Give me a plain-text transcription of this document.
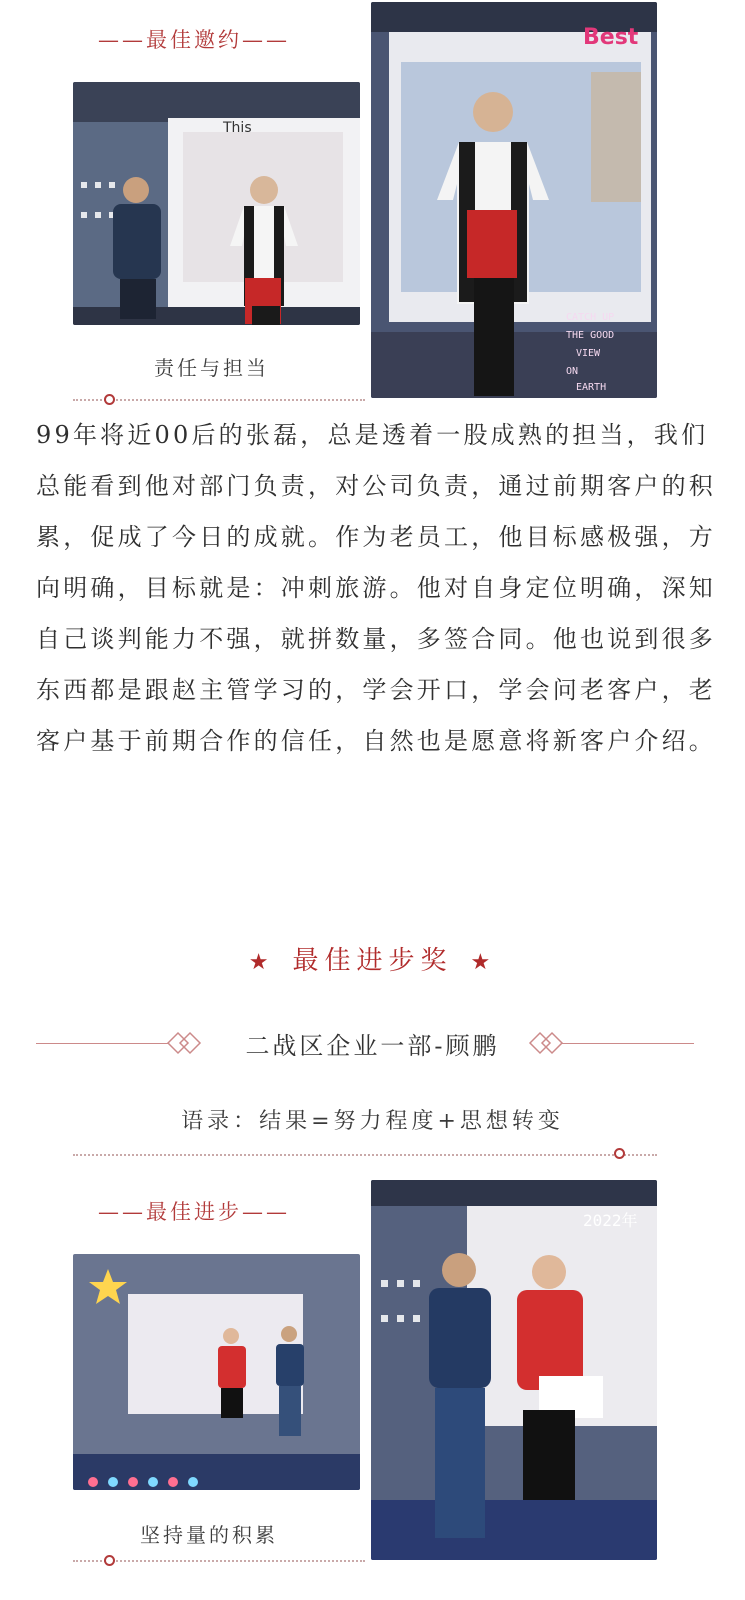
——最佳邀约——
This
责任与担当
Best
CATCH UP
THE GOOD
VIEW
ON
EARTH

99年将近00后的张磊，总是透着一股成熟的担当，我们总能看到他对部门负责，对公司负责，通过前期客户的积累，促成了今日的成就。作为老员工，他目标感极强，方向明确，目标就是：冲刺旅游。他对自身定位明确，深知自己谈判能力不强，就拼数量，多签合同。他也说到很多东西都是跟赵主管学习的，学会开口，学会问老客户，老客户基于前期合作的信任，自然也是愿意将新客户介绍。

★ 最佳进步奖 ★
二战区企业一部-顾鹏
语录：结果=努力程度+思想转变
——最佳进步——
坚持量的积累
2022年
